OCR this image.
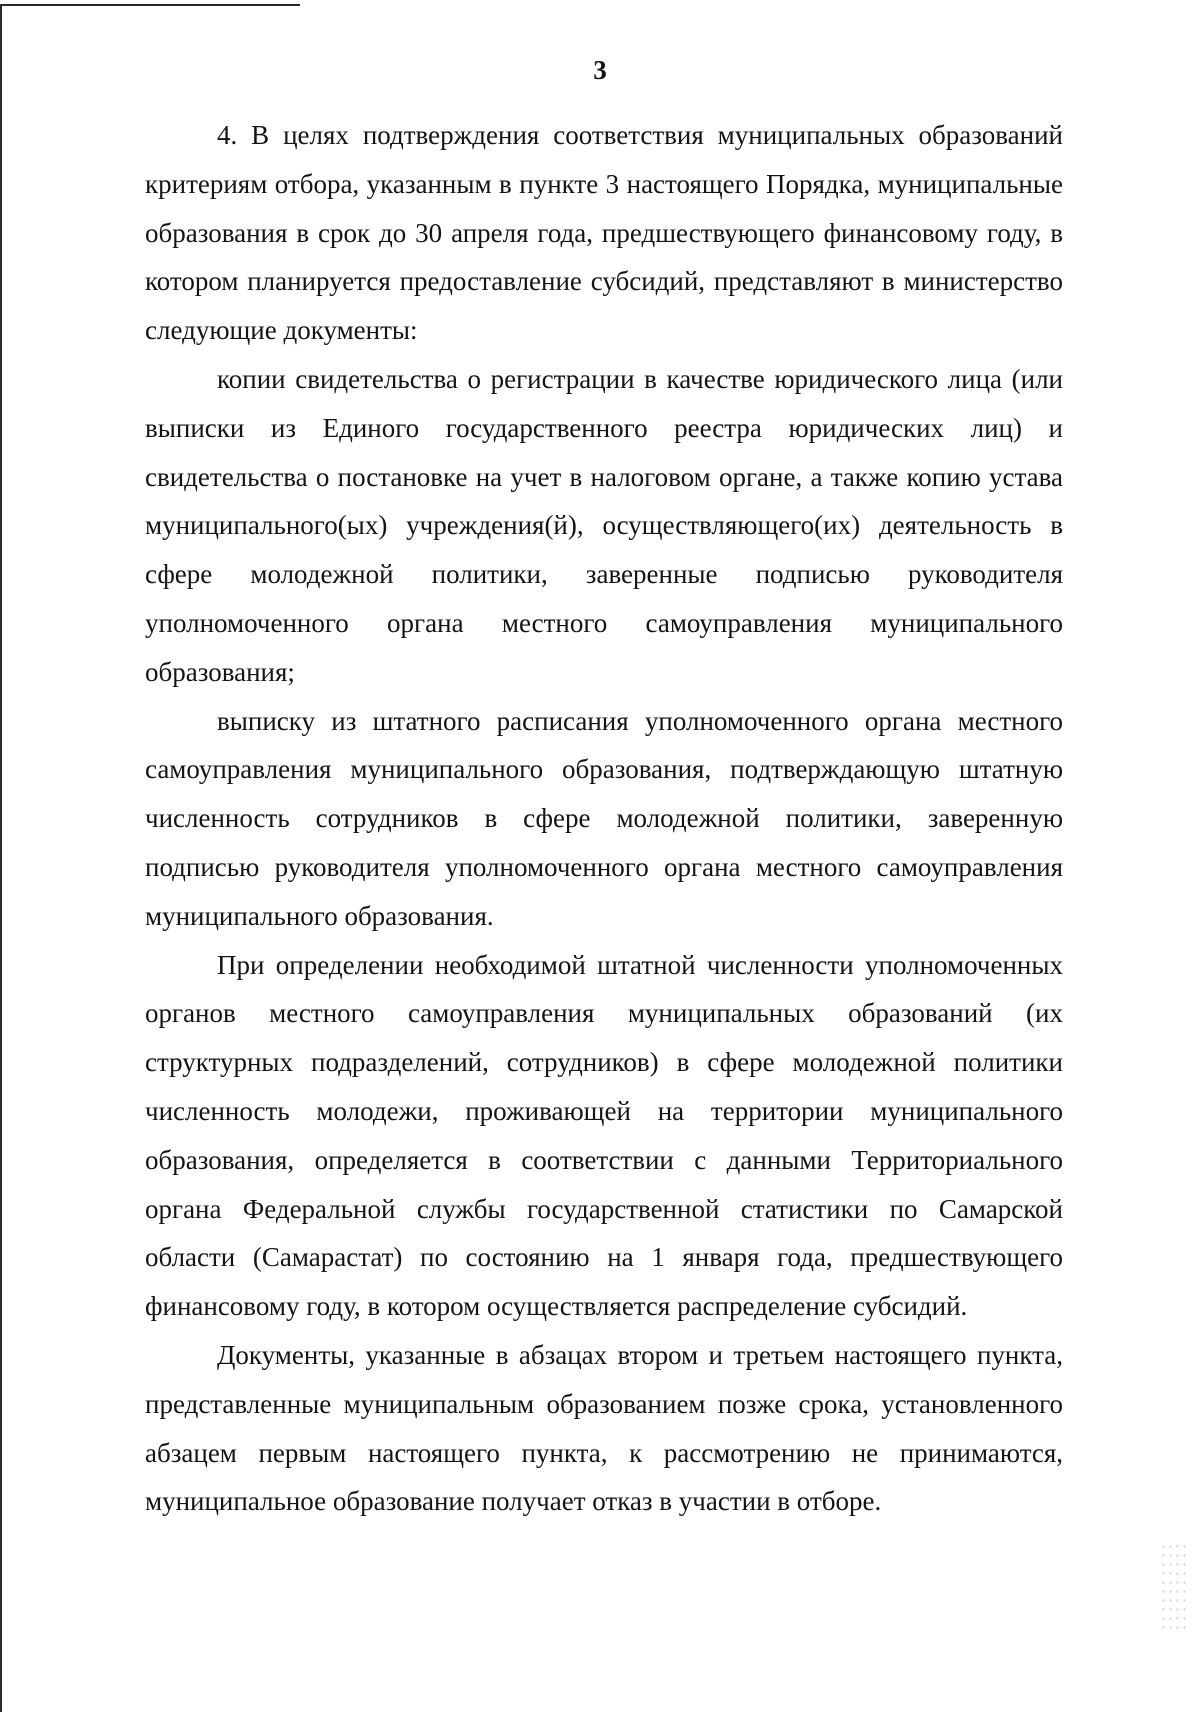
3

4. В целях подтверждения соответствия муниципальных образований критериям отбора, указанным в пункте 3 настоящего Порядка, муниципальные образования в срок до 30 апреля года, предшествующего финансовому году, в котором планируется предоставление субсидий, представляют в министерство следующие документы:

копии свидетельства о регистрации в качестве юридического лица (или выписки из Единого государственного реестра юридических лиц) и свидетельства о постановке на учет в налоговом органе, а также копию устава муниципального(ых) учреждения(й), осуществляющего(их) деятельность в сфере молодежной политики, заверенные подписью руководителя уполномоченного органа местного самоуправления муниципального образования;

выписку из штатного расписания уполномоченного органа местного самоуправления муниципального образования, подтверждающую штатную численность сотрудников в сфере молодежной политики, заверенную подписью руководителя уполномоченного органа местного самоуправления муниципального образования.

При определении необходимой штатной численности уполномоченных органов местного самоуправления муниципальных образований (их структурных подразделений, сотрудников) в сфере молодежной политики численность молодежи, проживающей на территории муниципального образования, определяется в соответствии с данными Территориального органа Федеральной службы государственной статистики по Самарской области (Самарастат) по состоянию на 1 января года, предшествующего финансовому году, в котором осуществляется распределение субсидий.

Документы, указанные в абзацах втором и третьем настоящего пункта, представленные муниципальным образованием позже срока, установленного абзацем первым настоящего пункта, к рассмотрению не принимаются, муниципальное образование получает отказ в участии в отборе.
